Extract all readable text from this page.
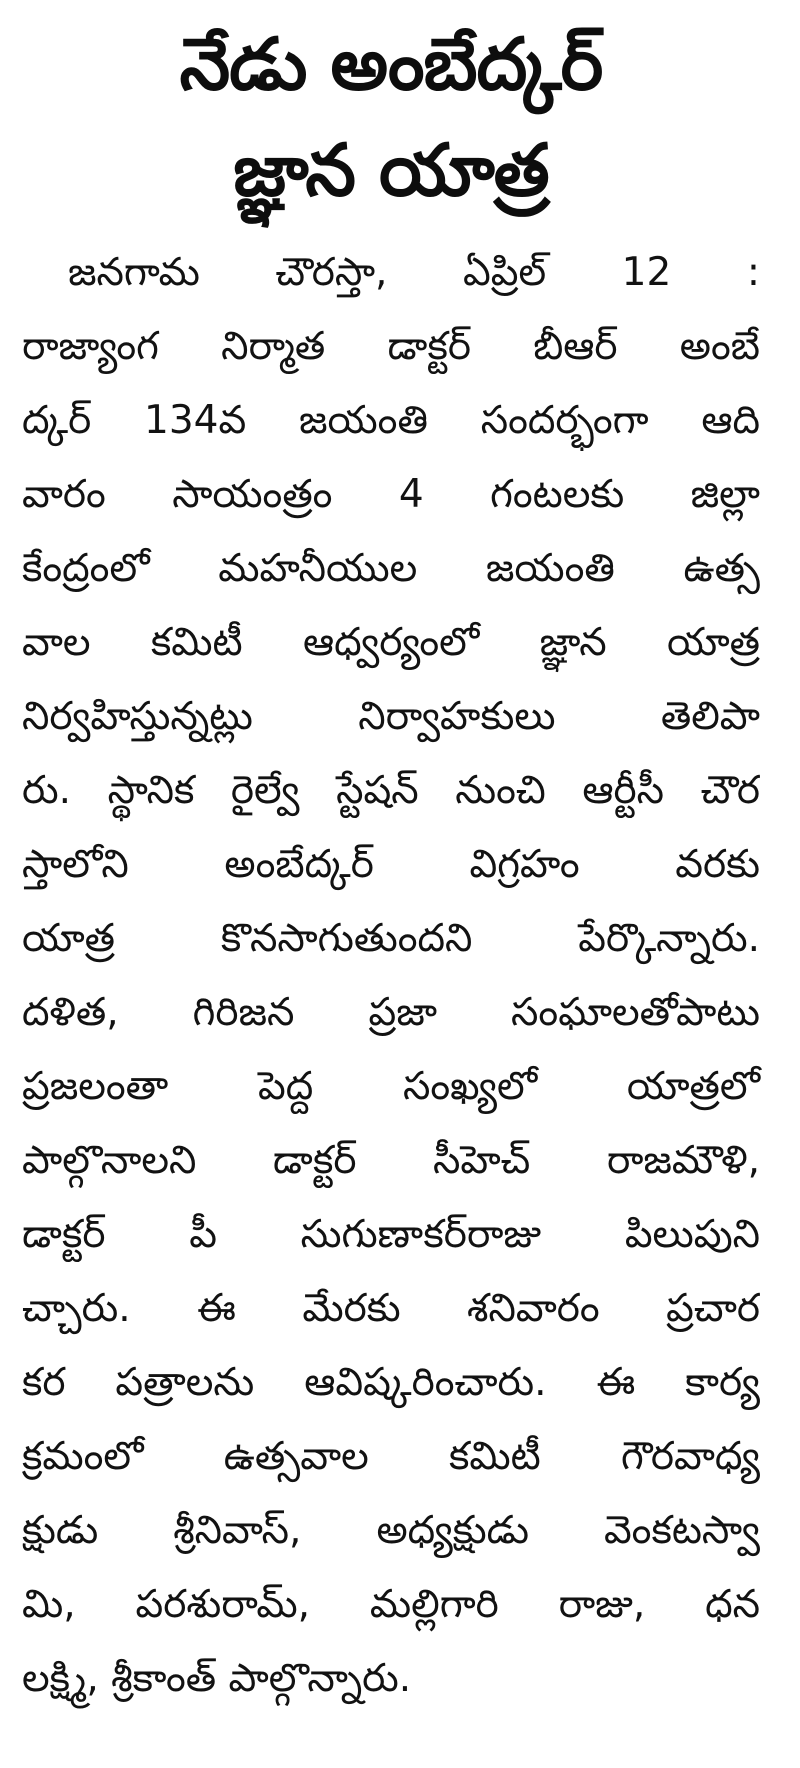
నేడు అంబేద్కర్
జ్ఞాన యాత్ర
జనగామ చౌరస్తా, ఏప్రిల్ 12 :
రాజ్యాంగ నిర్మాత డాక్టర్ బీఆర్ అంబే
ద్కర్ 134వ జయంతి సందర్భంగా ఆది
వారం సాయంత్రం 4 గంటలకు జిల్లా
కేంద్రంలో మహనీయుల జయంతి ఉత్స
వాల కమిటీ ఆధ్వర్యంలో జ్ఞాన యాత్ర
నిర్వహిస్తున్నట్లు నిర్వాహకులు తెలిపా
రు. స్థానిక రైల్వే స్టేషన్ నుంచి ఆర్టీసీ చౌర
స్తాలోని అంబేద్కర్ విగ్రహం వరకు
యాత్ర కొనసాగుతుందని పేర్కొన్నారు.
దళిత, గిరిజన ప్రజా సంఘాలతోపాటు
ప్రజలంతా పెద్ద సంఖ్యలో యాత్రలో
పాల్గొనాలని డాక్టర్ సీహెచ్ రాజమౌళి,
డాక్టర్ పీ సుగుణాకర్‌రాజు పిలుపుని
చ్చారు. ఈ మేరకు శనివారం ప్రచార
కర పత్రాలను ఆవిష్కరించారు. ఈ కార్య
క్రమంలో ఉత్సవాల కమిటీ గౌరవాధ్య
క్షుడు శ్రీనివాస్, అధ్యక్షుడు వెంకటస్వా
మి, పరశురామ్, మల్లిగారి రాజు, ధన
లక్ష్మి, శ్రీకాంత్ పాల్గొన్నారు.
